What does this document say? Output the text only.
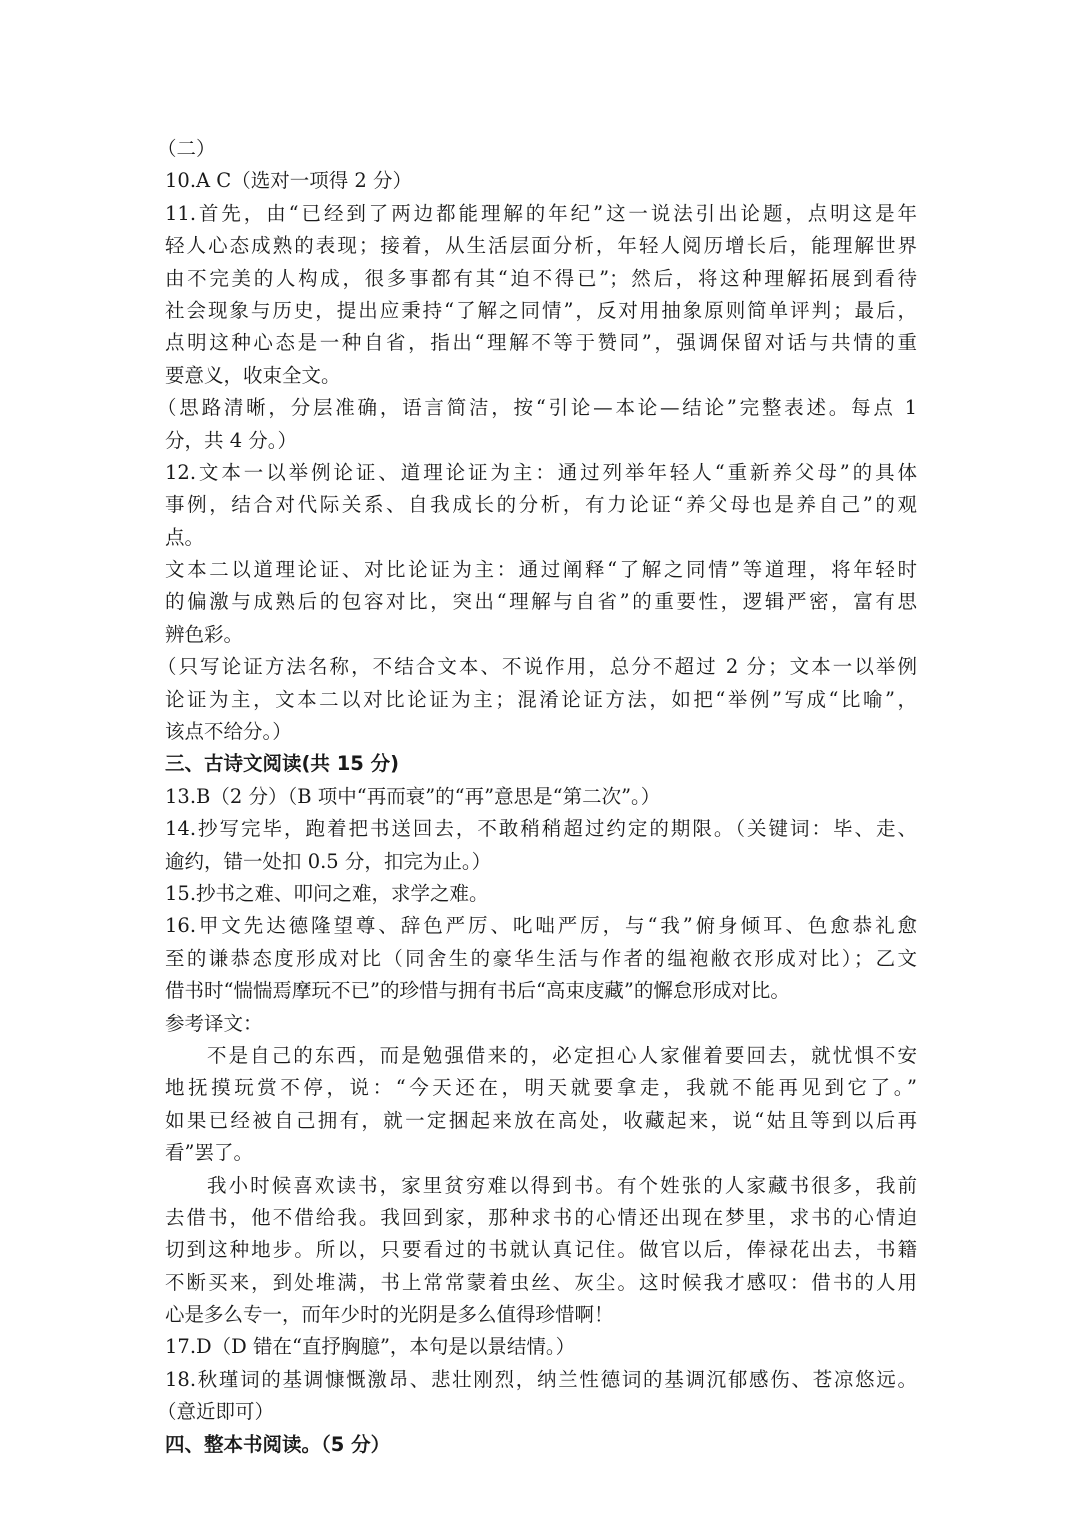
（二）
10.A C（选对一项得 2 分）
11.首先，由“已经到了两边都能理解的年纪”这一说法引出论题，点明这是年
轻人心态成熟的表现；接着，从生活层面分析，年轻人阅历增长后，能理解世界
由不完美的人构成，很多事都有其“迫不得已”；然后，将这种理解拓展到看待
社会现象与历史，提出应秉持“了解之同情”，反对用抽象原则简单评判；最后，
点明这种心态是一种自省，指出“理解不等于赞同”，强调保留对话与共情的重
要意义，收束全文。
（思路清晰，分层准确，语言简洁，按“引论—本论—结论”完整表述。每点 1
分，共 4 分。）
12.文本一以举例论证、道理论证为主：通过列举年轻人“重新养父母”的具体
事例，结合对代际关系、自我成长的分析，有力论证“养父母也是养自己”的观
点。
文本二以道理论证、对比论证为主：通过阐释“了解之同情”等道理，将年轻时
的偏激与成熟后的包容对比，突出“理解与自省”的重要性，逻辑严密，富有思
辨色彩。
（只写论证方法名称，不结合文本、不说作用，总分不超过 2 分；文本一以举例
论证为主，文本二以对比论证为主；混淆论证方法，如把“举例”写成“比喻”，
该点不给分。）
三、古诗文阅读(共 15 分)
13.B（2 分）（B 项中“再而衰”的“再”意思是“第二次”。）
14.抄写完毕，跑着把书送回去，不敢稍稍超过约定的期限。（关键词：毕、走、
逾约，错一处扣 0.5 分，扣完为止。）
15.抄书之难、叩问之难，求学之难。
16.甲文先达德隆望尊、辞色严厉、叱咄严厉，与“我”俯身倾耳、色愈恭礼愈
至的谦恭态度形成对比（同舍生的豪华生活与作者的缊袍敝衣形成对比）；乙文
借书时“惴惴焉摩玩不已”的珍惜与拥有书后“高束庋藏”的懈怠形成对比。
参考译文：
不是自己的东西，而是勉强借来的，必定担心人家催着要回去，就忧惧不安
地抚摸玩赏不停，说：“今天还在，明天就要拿走，我就不能再见到它了。”
如果已经被自己拥有，就一定捆起来放在高处，收藏起来，说“姑且等到以后再
看”罢了。
我小时候喜欢读书，家里贫穷难以得到书。有个姓张的人家藏书很多，我前
去借书，他不借给我。我回到家，那种求书的心情还出现在梦里，求书的心情迫
切到这种地步。所以，只要看过的书就认真记住。做官以后，俸禄花出去，书籍
不断买来，到处堆满，书上常常蒙着虫丝、灰尘。这时候我才感叹：借书的人用
心是多么专一，而年少时的光阴是多么值得珍惜啊！
17.D（D 错在“直抒胸臆”，本句是以景结情。）
18.秋瑾词的基调慷慨激昂、悲壮刚烈，纳兰性德词的基调沉郁感伤、苍凉悠远。
（意近即可）
四、整本书阅读。（5 分）
